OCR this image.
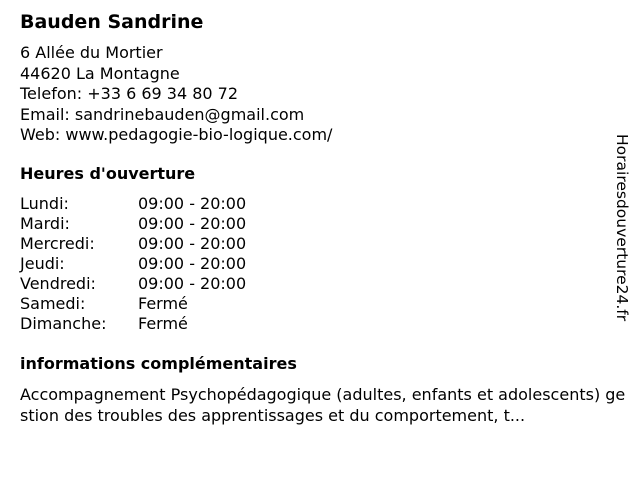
Bauden Sandrine
6 Allée du Mortier
44620 La Montagne
Telefon: +33 6 69 34 80 72
Email: sandrinebauden@gmail.com
Web: www.pedagogie-bio-logique.com/
Heures d'ouverture
Lundi:	09:00 - 20:00
Mardi:	09:00 - 20:00
Mercredi:	09:00 - 20:00
Jeudi:	09:00 - 20:00
Vendredi:	09:00 - 20:00
Samedi:	Fermé
Dimanche:	Fermé
informations complémentaires
Accompagnement Psychopédagogique (adultes, enfants et adolescents) gestion des troubles des apprentissages et du comportement, t...
Horairesdouverture24.fr
